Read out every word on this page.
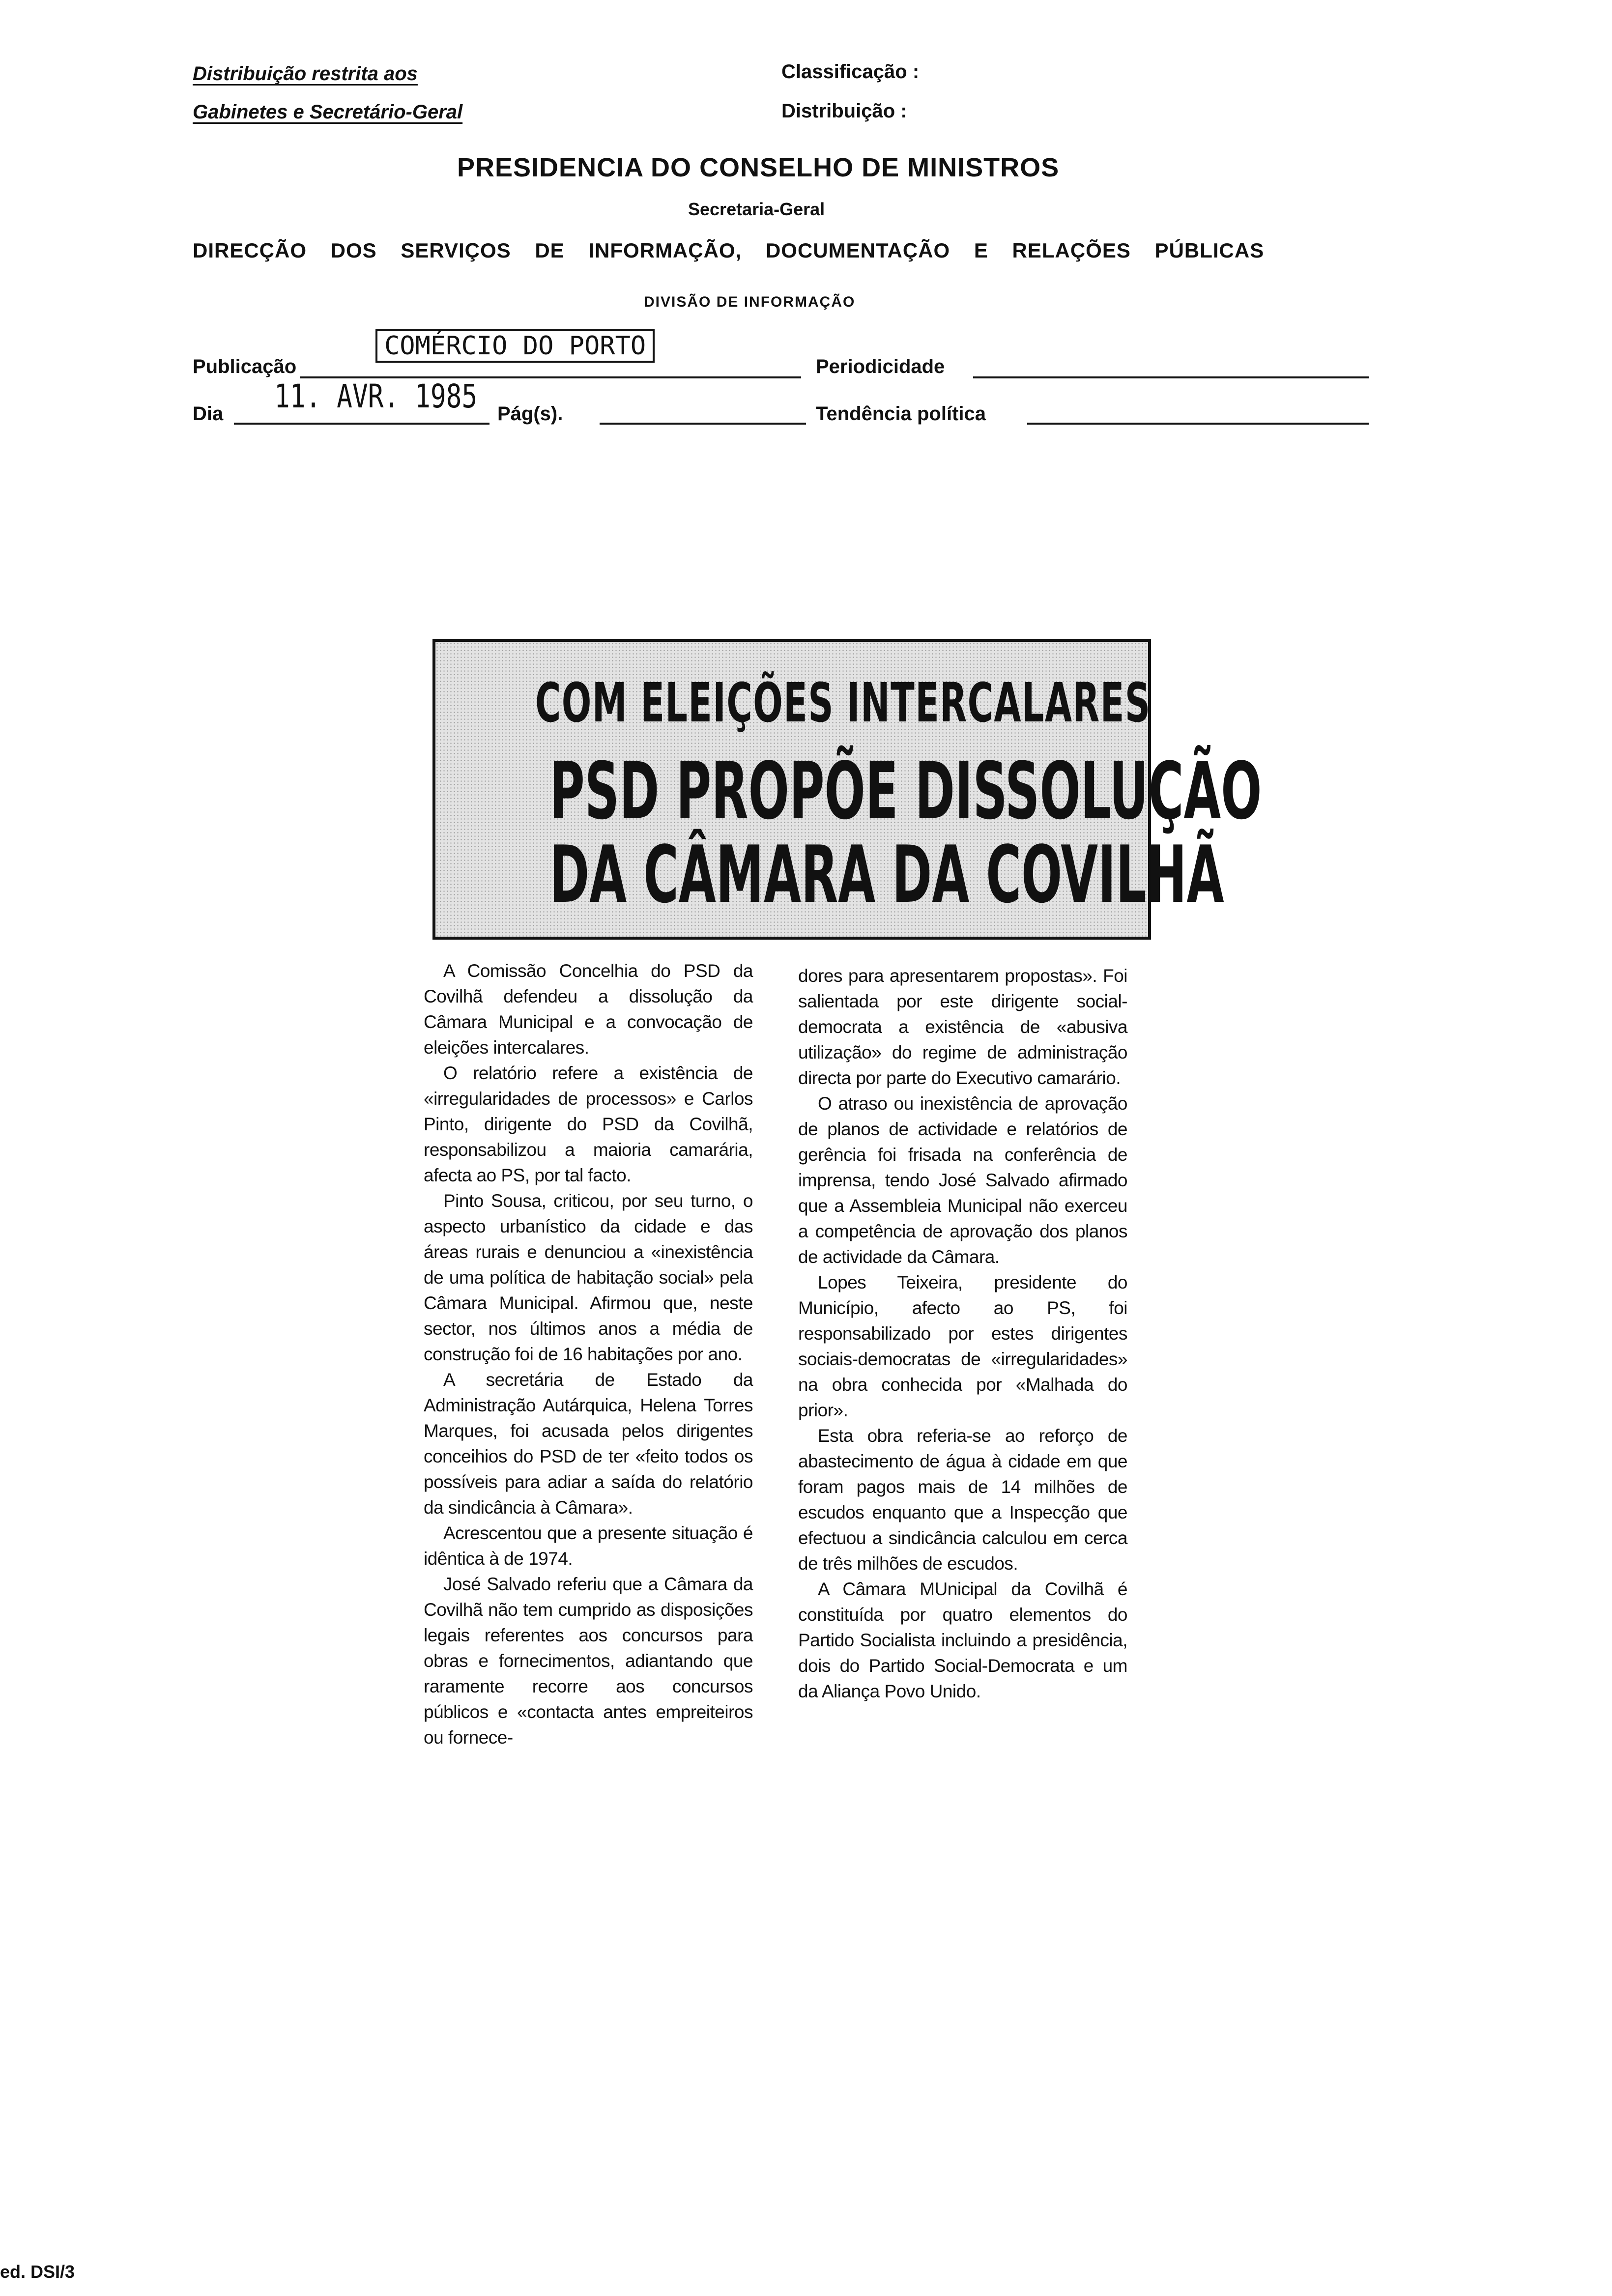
Distribuição restrita aos
Gabinetes e Secretário-Geral
Classificação :
Distribuição :
PRESIDENCIA DO CONSELHO DE MINISTROS
Secretaria-Geral
DIRECÇÃO DOS SERVIÇOS DE INFORMAÇÃO, DOCUMENTAÇÃO E RELAÇÕES PÚBLICAS
DIVISÃO DE INFORMAÇÃO
Publicação
COMÉRCIO DO PORTO
Periodicidade
Dia 11. AVR. 1985 Pág(s).	Tendência política
COM ELEIÇÕES INTERCALARES
PSD PROPÕE DISSOLUÇÃO
DA CÂMARA DA COVILHÃ

A Comissão Concelhia do PSD da Covilhã defendeu a dissolução da Câmara Municipal e a convocação de eleições intercalares.

O relatório refere a existência de «irregularidades de processos» e Carlos Pinto, dirigente do PSD da Covilhã, responsabilizou a maioria camarária, afecta ao PS, por tal facto.

Pinto Sousa, criticou, por seu turno, o aspecto urbanístico da cidade e das áreas rurais e denunciou a «inexistência de uma política de habitação social» pela Câmara Municipal. Afirmou que, neste sector, nos últimos anos a média de construção foi de 16 habitações por ano.

A secretária de Estado da Administração Autárquica, Helena Torres Marques, foi acusada pelos dirigentes conceihios do PSD de ter «feito todos os possíveis para adiar a saída do relatório da sindicância à Câmara».

Acrescentou que a presente situação é idêntica à de 1974.

José Salvado referiu que a Câmara da Covilhã não tem cumprido as disposições legais referentes aos concursos para obras e fornecimentos, adiantando que raramente recorre aos concursos públicos e «contacta antes empreiteiros ou fornece-

dores para apresentarem propostas». Foi salientada por este dirigente social-democrata a existência de «abusiva utilização» do regime de administração directa por parte do Executivo camarário.

O atraso ou inexistência de aprovação de planos de actividade e relatórios de gerência foi frisada na conferência de imprensa, tendo José Salvado afirmado que a Assembleia Municipal não exerceu a competência de aprovação dos planos de actividade da Câmara.

Lopes Teixeira, presidente do Município, afecto ao PS, foi responsabilizado por estes dirigentes sociais-democratas de «irregularidades» na obra conhecida por «Malhada do prior».

Esta obra referia-se ao reforço de abastecimento de água à cidade em que foram pagos mais de 14 milhões de escudos enquanto que a Inspecção que efectuou a sindicância calculou em cerca de três milhões de escudos.

A Câmara MUnicipal da Covilhã é constituída por quatro elementos do Partido Socialista incluindo a presidência, dois do Partido Social-Democrata e um da Aliança Povo Unido.

ed. DSI/3
